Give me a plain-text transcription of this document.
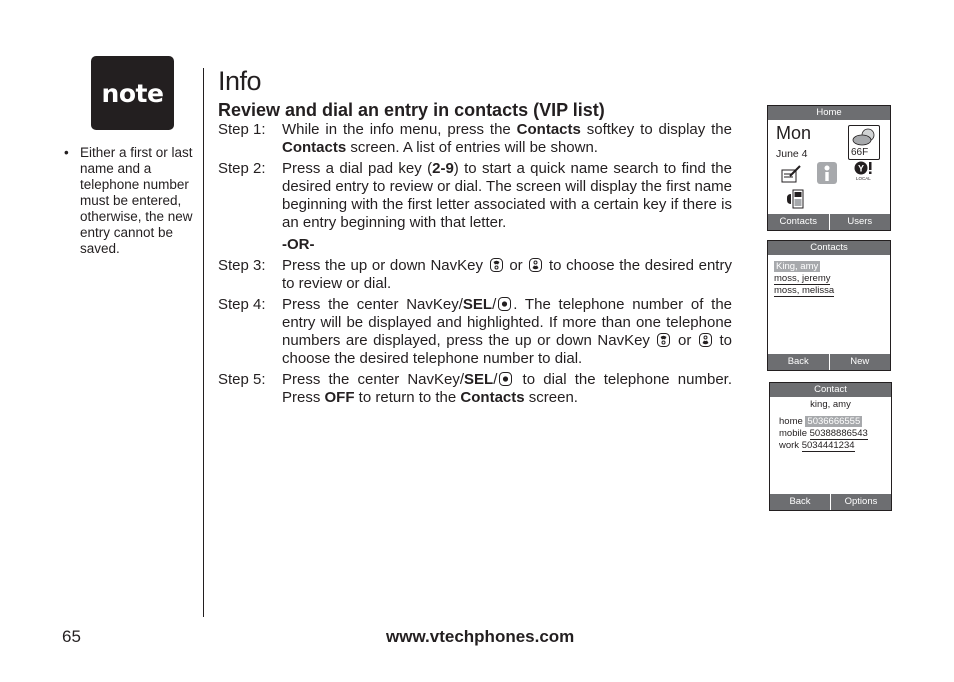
note
• Either a first or last name and a telephone number must be entered, otherwise, the new entry cannot be saved.
Info
Review and dial an entry in contacts (VIP list)
Step 1: While in the info menu, press the Contacts softkey to display the Contacts screen. A list of entries will be shown.
Step 2: Press a dial pad key (2-9) to start a quick name search to find the desired entry to review or dial. The screen will display the first name beginning with the first letter associated with a certain key if there is an entry beginning with that letter.
-OR-
Step 3: Press the up or down NavKey  or  to choose the desired entry to review or dial.
Step 4: Press the center NavKey/SEL/ . The telephone number of the entry will be displayed and highlighted. If more than one telephone numbers are displayed, press the up or down NavKey  or  to choose the desired telephone number to dial.
Step 5: Press the center NavKey/SEL/ to dial the telephone number. Press OFF to return to the Contacts screen.
Home
Mon
June 4	66F
Y
LOCAL
Contacts	Users
Contacts
King, amy
moss, jeremy
moss, melissa
Back	New
Contact
king, amy
home 5036666555
mobile 50388886543
work 5034441234
Back	Options
65	www.vtechphones.com
